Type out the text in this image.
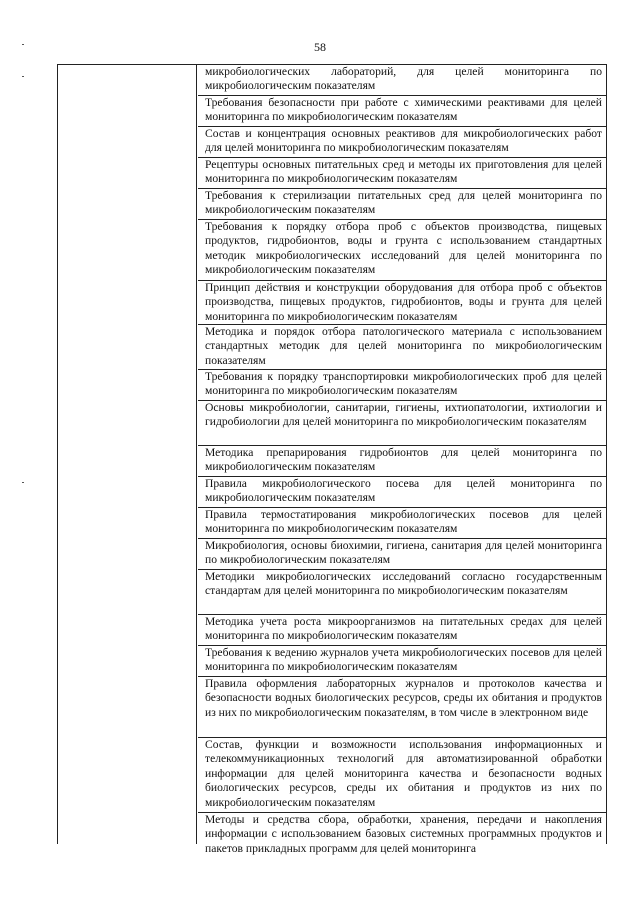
58
микробиологических лабораторий, для целей мониторинга по микробиологическим показателям
Требования безопасности при работе с химическими реактивами для целей мониторинга по микробиологическим показателям
Состав и концентрация основных реактивов для микробиологических работ для целей мониторинга по микробиологическим показателям
Рецептуры основных питательных сред и методы их приготовления для целей мониторинга по микробиологическим показателям
Требования к стерилизации питательных сред для целей мониторинга по микробиологическим показателям
Требования к порядку отбора проб с объектов производства, пищевых продуктов, гидробионтов, воды и грунта с использованием стандартных методик микробиологических исследований для целей мониторинга по микробиологическим показателям
Принцип действия и конструкции оборудования для отбора проб с объектов производства, пищевых продуктов, гидробионтов, воды и грунта для целей мониторинга по микробиологическим показателям
Методика и порядок отбора патологического материала с использованием стандартных методик для целей мониторинга по микробиологическим показателям
Требования к порядку транспортировки микробиологических проб для целей мониторинга по микробиологическим показателям
Основы микробиологии, санитарии, гигиены, ихтиопатологии, ихтиологии и гидробиологии для целей мониторинга по микробиологическим показателям
Методика препарирования гидробионтов для целей мониторинга по микробиологическим показателям
Правила микробиологического посева для целей мониторинга по микробиологическим показателям
Правила термостатирования микробиологических посевов для целей мониторинга по микробиологическим показателям
Микробиология, основы биохимии, гигиена, санитария для целей мониторинга по микробиологическим показателям
Методики микробиологических исследований согласно государственным стандартам для целей мониторинга по микробиологическим показателям
Методика учета роста микроорганизмов на питательных средах для целей мониторинга по микробиологическим показателям
Требования к ведению журналов учета микробиологических посевов для целей мониторинга по микробиологическим показателям
Правила оформления лабораторных журналов и протоколов качества и безопасности водных биологических ресурсов, среды их обитания и продуктов из них по микробиологическим показателям, в том числе в электронном виде
Состав, функции и возможности использования информационных и телекоммуникационных технологий для автоматизированной обработки информации для целей мониторинга качества и безопасности водных биологических ресурсов, среды их обитания и продуктов из них по микробиологическим показателям
Методы и средства сбора, обработки, хранения, передачи и накопления информации с использованием базовых системных программных продуктов и пакетов прикладных программ для целей мониторинга
